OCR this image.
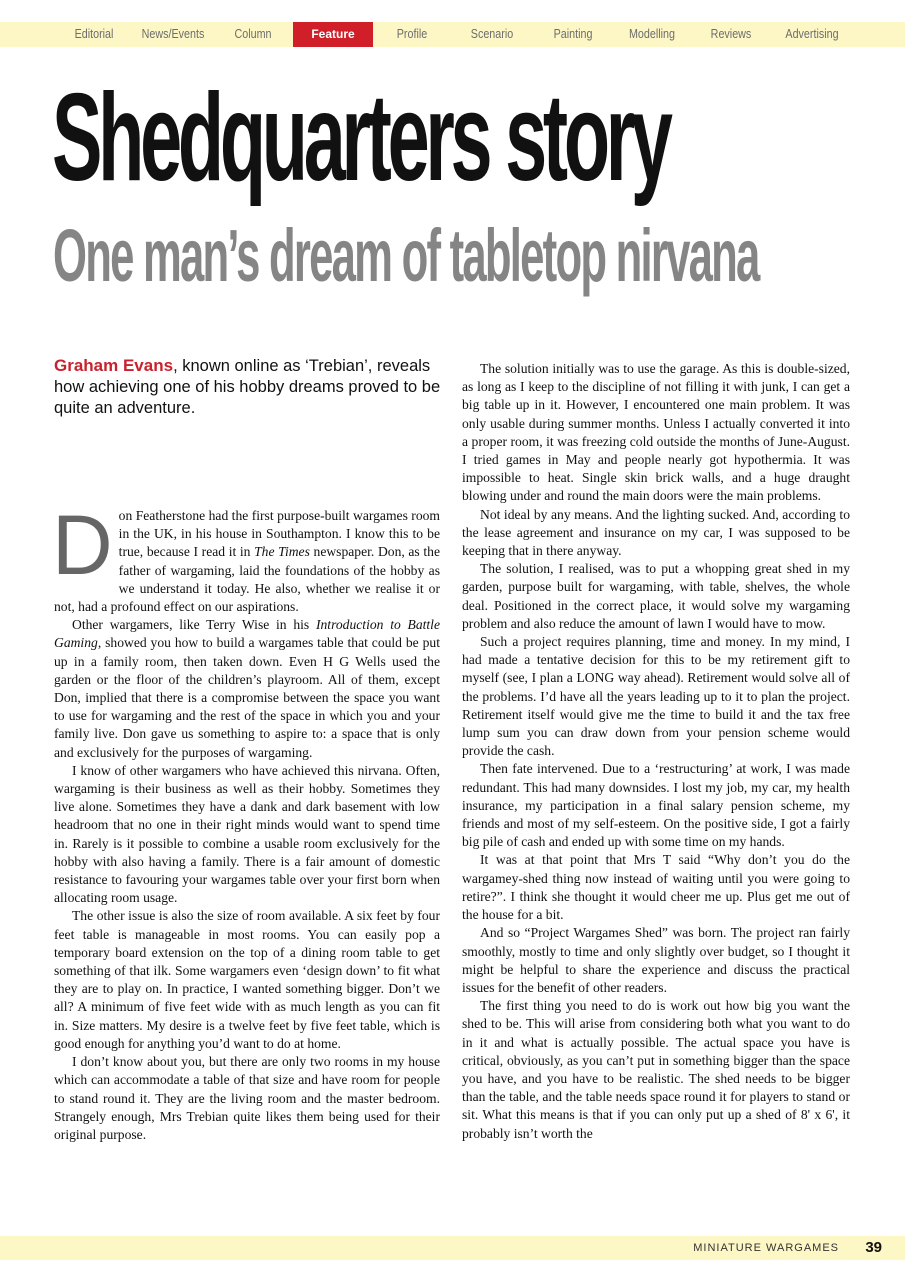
Editorial	News/Events	Column	Feature	Profile	Scenario	Painting	Modelling	Reviews	Advertising
Shedquarters story
One man’s dream of tabletop nirvana
Graham Evans, known online as ‘Trebian’, reveals how achieving one of his hobby dreams proved to be quite an adventure.

Don Featherstone had the first purpose-built wargames room in the UK, in his house in Southampton. I know this to be true, because I read it in The Times newspaper. Don, as the father of wargaming, laid the foundations of the hobby as we understand it today. He also, whether we realise it or not, had a profound effect on our aspirations.

Other wargamers, like Terry Wise in his Introduction to Battle Gaming, showed you how to build a wargames table that could be put up in a family room, then taken down. Even H G Wells used the garden or the floor of the children’s playroom. All of them, except Don, implied that there is a compromise between the space you want to use for wargaming and the rest of the space in which you and your family live. Don gave us something to aspire to: a space that is only and exclusively for the purposes of wargaming.

I know of other wargamers who have achieved this nirvana. Often, wargaming is their business as well as their hobby. Sometimes they live alone. Sometimes they have a dank and dark basement with low headroom that no one in their right minds would want to spend time in. Rarely is it possible to combine a usable room exclusively for the hobby with also having a family. There is a fair amount of domestic resistance to favouring your wargames table over your first born when allocating room usage.

The other issue is also the size of room available. A six feet by four feet table is manageable in most rooms. You can easily pop a temporary board extension on the top of a dining room table to get something of that ilk. Some wargamers even ‘design down’ to fit what they are to play on. In practice, I wanted something bigger. Don’t we all? A minimum of five feet wide with as much length as you can fit in. Size matters. My desire is a twelve feet by five feet table, which is good enough for anything you’d want to do at home.

I don’t know about you, but there are only two rooms in my house which can accommodate a table of that size and have room for people to stand round it. They are the living room and the master bedroom. Strangely enough, Mrs Trebian quite likes them being used for their original purpose.

The solution initially was to use the garage. As this is double-sized, as long as I keep to the discipline of not filling it with junk, I can get a big table up in it. However, I encountered one main problem. It was only usable during summer months. Unless I actually converted it into a proper room, it was freezing cold outside the months of June-August. I tried games in May and people nearly got hypothermia. It was impossible to heat. Single skin brick walls, and a huge draught blowing under and round the main doors were the main problems.

Not ideal by any means. And the lighting sucked. And, according to the lease agreement and insurance on my car, I was supposed to be keeping that in there anyway.

The solution, I realised, was to put a whopping great shed in my garden, purpose built for wargaming, with table, shelves, the whole deal. Positioned in the correct place, it would solve my wargaming problem and also reduce the amount of lawn I would have to mow.

Such a project requires planning, time and money. In my mind, I had made a tentative decision for this to be my retirement gift to myself (see, I plan a LONG way ahead). Retirement would solve all of the problems. I’d have all the years leading up to it to plan the project. Retirement itself would give me the time to build it and the tax free lump sum you can draw down from your pension scheme would provide the cash.

Then fate intervened. Due to a ‘restructuring’ at work, I was made redundant. This had many downsides. I lost my job, my car, my health insurance, my participation in a final salary pension scheme, my friends and most of my self-esteem. On the positive side, I got a fairly big pile of cash and ended up with some time on my hands.

It was at that point that Mrs T said “Why don’t you do the wargamey-shed thing now instead of waiting until you were going to retire?”. I think she thought it would cheer me up. Plus get me out of the house for a bit.

And so “Project Wargames Shed” was born. The project ran fairly smoothly, mostly to time and only slightly over budget, so I thought it might be helpful to share the experience and discuss the practical issues for the benefit of other readers.

The first thing you need to do is work out how big you want the shed to be. This will arise from considering both what you want to do in it and what is actually possible. The actual space you have is critical, obviously, as you can’t put in something bigger than the space you have, and you have to be realistic. The shed needs to be bigger than the table, and the table needs space round it for players to stand or sit. What this means is that if you can only put up a shed of 8' x 6', it probably isn’t worth the

MINIATURE WARGAMES 39
